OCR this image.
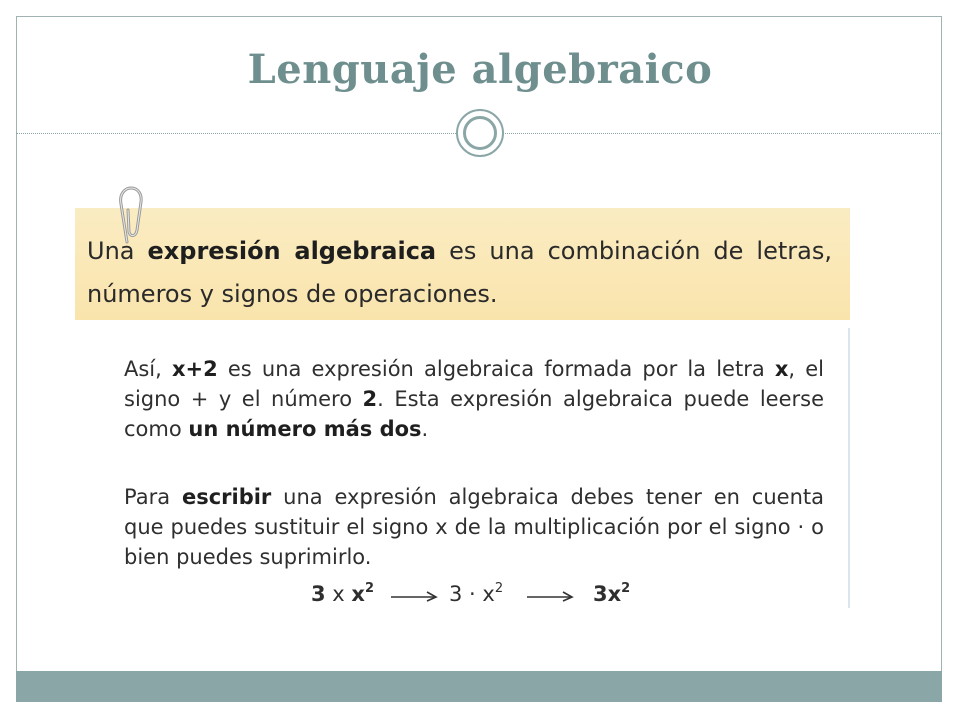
Lenguaje algebraico
Una expresión algebraica es una combinación de letras, números y signos de operaciones.
Así, x+2 es una expresión algebraica formada por la letra x, el signo + y el número 2. Esta expresión algebraica puede leerse como un número más dos.
Para escribir una expresión algebraica debes tener en cuenta que puedes sustituir el signo x de la multiplicación por el signo · o bien puedes suprimirlo.
3 x $x^2$	$3 \cdot x^2$	$3x^2$
